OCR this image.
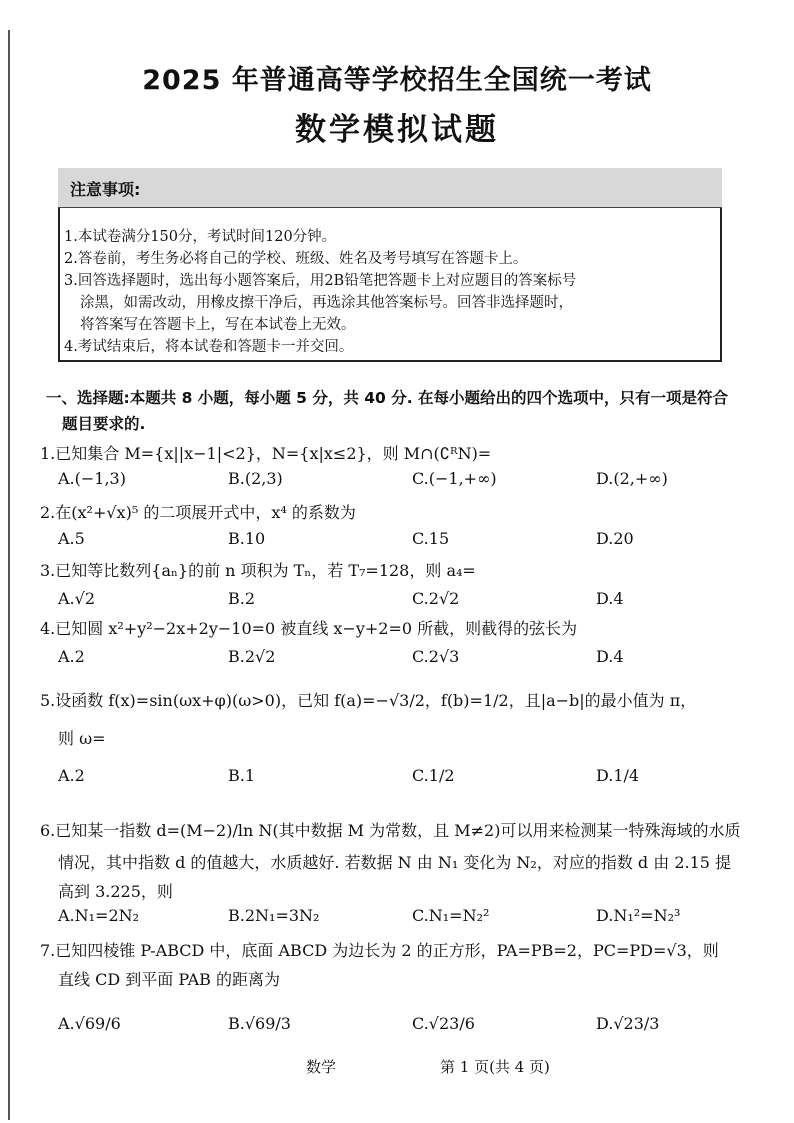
2025 年普通高等学校招生全国统一考试
数学模拟试题
注意事项:
1.本试卷满分150分，考试时间120分钟。
2.答卷前，考生务必将自己的学校、班级、姓名及考号填写在答题卡上。
3.回答选择题时，选出每小题答案后，用2B铅笔把答题卡上对应题目的答案标号
涂黑，如需改动，用橡皮擦干净后，再选涂其他答案标号。回答非选择题时，
将答案写在答题卡上，写在本试卷上无效。
4.考试结束后，将本试卷和答题卡一并交回。
一、选择题:本题共 8 小题，每小题 5 分，共 40 分. 在每小题给出的四个选项中，只有一项是符合
题目要求的.
1.已知集合 M={x||x−1|<2}，N={x|x≤2}，则 M∩(∁ᴿN)=
A.(−1,3)	B.(2,3)	C.(−1,+∞)	D.(2,+∞)
2.在(x²+√x)⁵ 的二项展开式中，x⁴ 的系数为
A.5	B.10	C.15	D.20
3.已知等比数列{aₙ}的前 n 项积为 Tₙ，若 T₇=128，则 a₄=
A.√2	B.2	C.2√2	D.4
4.已知圆 x²+y²−2x+2y−10=0 被直线 x−y+2=0 所截，则截得的弦长为
A.2	B.2√2	C.2√3	D.4
5.设函数 f(x)=sin(ωx+φ)(ω>0)，已知 f(a)=−√3/2，f(b)=1/2，且|a−b|的最小值为 π，
则 ω=
A.2	B.1	C.1/2	D.1/4
6.已知某一指数 d=(M−2)/ln N(其中数据 M 为常数，且 M≠2)可以用来检测某一特殊海域的水质
情况，其中指数 d 的值越大，水质越好. 若数据 N 由 N₁ 变化为 N₂，对应的指数 d 由 2.15 提
高到 3.225，则
A.N₁=2N₂	B.2N₁=3N₂	C.N₁=N₂²	D.N₁²=N₂³
7.已知四棱锥 P-ABCD 中，底面 ABCD 为边长为 2 的正方形，PA=PB=2，PC=PD=√3，则
直线 CD 到平面 PAB 的距离为
A.√69/6	B.√69/3	C.√23/6	D.√23/3
数学	第 1 页(共 4 页)
